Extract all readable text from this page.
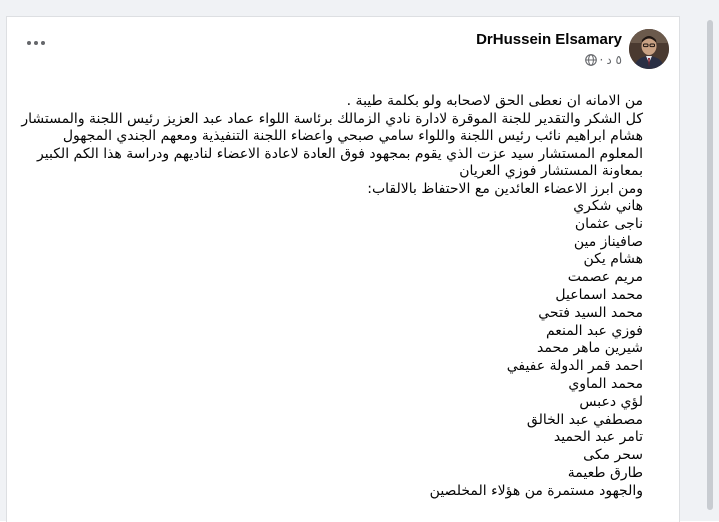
DrHussein Elsamary
· ٥ د
من الامانه ان نعطى الحق لاصحابه ولو بكلمة طيبة .
كل الشكر والتقدير للجنة الموقرة لادارة نادي الزمالك برئاسة اللواء عماد عبد العزيز رئيس اللجنة والمستشار
هشام ابراهيم نائب رئيس اللجنة واللواء سامي صبحي واعضاء اللجنة التنفيذية ومعهم الجندي المجهول
المعلوم المستشار سيد عزت الذي يقوم بمجهود فوق العادة لاعادة الاعضاء لناديهم ودراسة هذا الكم الكبير
بمعاونة المستشار فوزي العريان
ومن ابرز الاعضاء العائدين مع الاحتفاظ بالالقاب:
هاني شكري
ناجى عثمان
صافيناز مين
هشام يكن
مريم عصمت
محمد اسماعيل
محمد السيد فتحي
فوزي عبد المنعم
شيرين ماهر محمد
احمد قمر الدولة عفيفي
محمد الماوي
لؤي دعبس
مصطفي عبد الخالق
تامر عبد الحميد
سحر مكى
طارق طعيمة
والجهود مستمرة من هؤلاء المخلصين
